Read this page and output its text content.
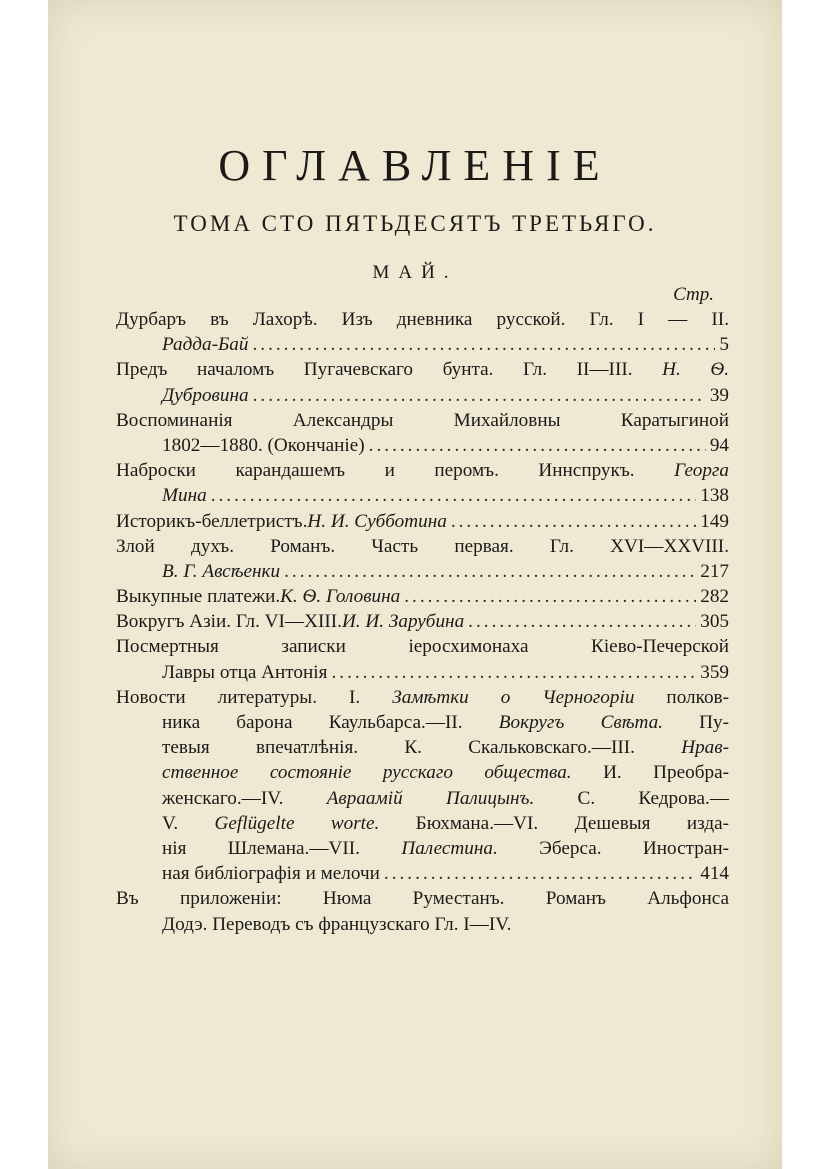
ОГЛАВЛЕНІЕ
ТОМА СТО ПЯТЬДЕСЯТЪ ТРЕТЬЯГО.
МАЙ.
Стр.
Дурбаръ въ Лахорѣ. Изъ дневника русской. Гл. I — II.
Радда-Бай .....	5
Предъ началомъ Пугачевскаго бунта. Гл. II—III. Н. Ѳ.
Дубровина .....	39
Воспоминанія Александры Михайловны Каратыгиной
1802—1880. (Окончаніе) .....	94
Наброски карандашемъ и перомъ. Иннспрукъ. Георга
Мина .....	138
Историкъ-беллетристъ. Н. И. Субботина .....	149
Злой духъ. Романъ. Часть первая. Гл. XVI—XXVIII.
В. Г. Авсѣенки .....	217
Выкупные платежи. К. Ѳ. Головина .....	282
Вокругъ Азіи. Гл. VI—XIII. И. И. Зарубина .....	305
Посмертныя записки іеросхимонаха Кіево-Печерской
Лавры отца Антонія .....	359
Новости литературы. I. Замѣтки о Черногоріи полков-
ника барона Каульбарса.—II. Вокругъ Свѣта. Пу-
тевыя впечатлѣнія. К. Скальковскаго.—III. Нрав-
ственное состояніе русскаго общества. И. Преобра-
женскаго.—IV. Авраамій Палицынъ. С. Кедрова.—
V. Geflügelte worte. Бюхмана.—VI. Дешевыя изда-
нія Шлемана.—VII. Палестина. Эберса. Иностран-
ная библіографія и мелочи .....	414
Въ приложеніи: Нюма Руместанъ. Романъ Альфонса
Додэ. Переводъ съ французскаго Гл. I—IV.
